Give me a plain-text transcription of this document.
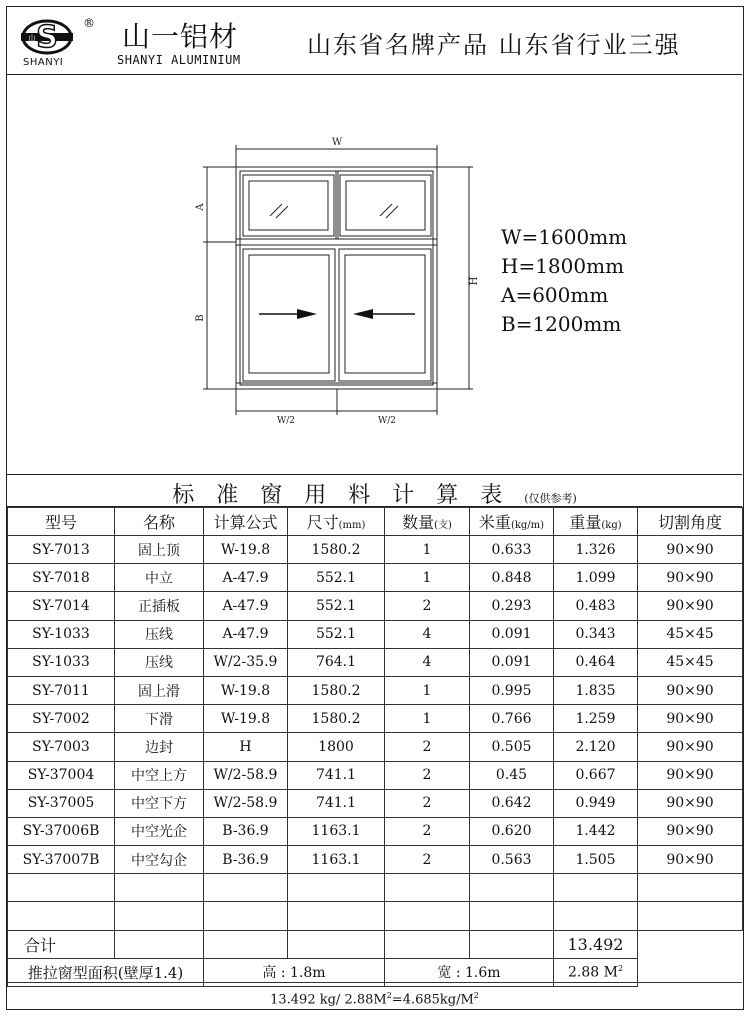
S
山
®
SHANYI
山一铝材
SHANYI ALUMINIUM
山东省名牌产品 山东省行业三强
W
H
A
B
W/2	W/2
W=1600mm
H=1800mm
A=600mm
B=1200mm
标准窗用料计算表(仅供参考)
型号	名称	计算公式	尺寸(mm)	数量(支)	米重(kg/m)	重量(kg)	切割角度
SY-7013	固上顶	W-19.8	1580.2	1	0.633	1.326	90×90
SY-7018	中立	A-47.9	552.1	1	0.848	1.099	90×90
SY-7014	正插板	A-47.9	552.1	2	0.293	0.483	90×90
SY-1033	压线	A-47.9	552.1	4	0.091	0.343	45×45
SY-1033	压线	W/2-35.9	764.1	4	0.091	0.464	45×45
SY-7011	固上滑	W-19.8	1580.2	1	0.995	1.835	90×90
SY-7002	下滑	W-19.8	1580.2	1	0.766	1.259	90×90
SY-7003	边封	H	1800	2	0.505	2.120	90×90
SY-37004	中空上方	W/2-58.9	741.1	2	0.45	0.667	90×90
SY-37005	中空下方	W/2-58.9	741.1	2	0.642	0.949	90×90
SY-37006B	中空光企	B-36.9	1163.1	2	0.620	1.442	90×90
SY-37007B	中空勾企	B-36.9	1163.1	2	0.563	1.505	90×90

合计						13.492	
推拉窗型面积(壁厚1.4)		高 : 1.8m		宽 : 1.6m		2.88 $M^2$	
13.492 kg/ $2.88M^2=4.685kg/M^2$
